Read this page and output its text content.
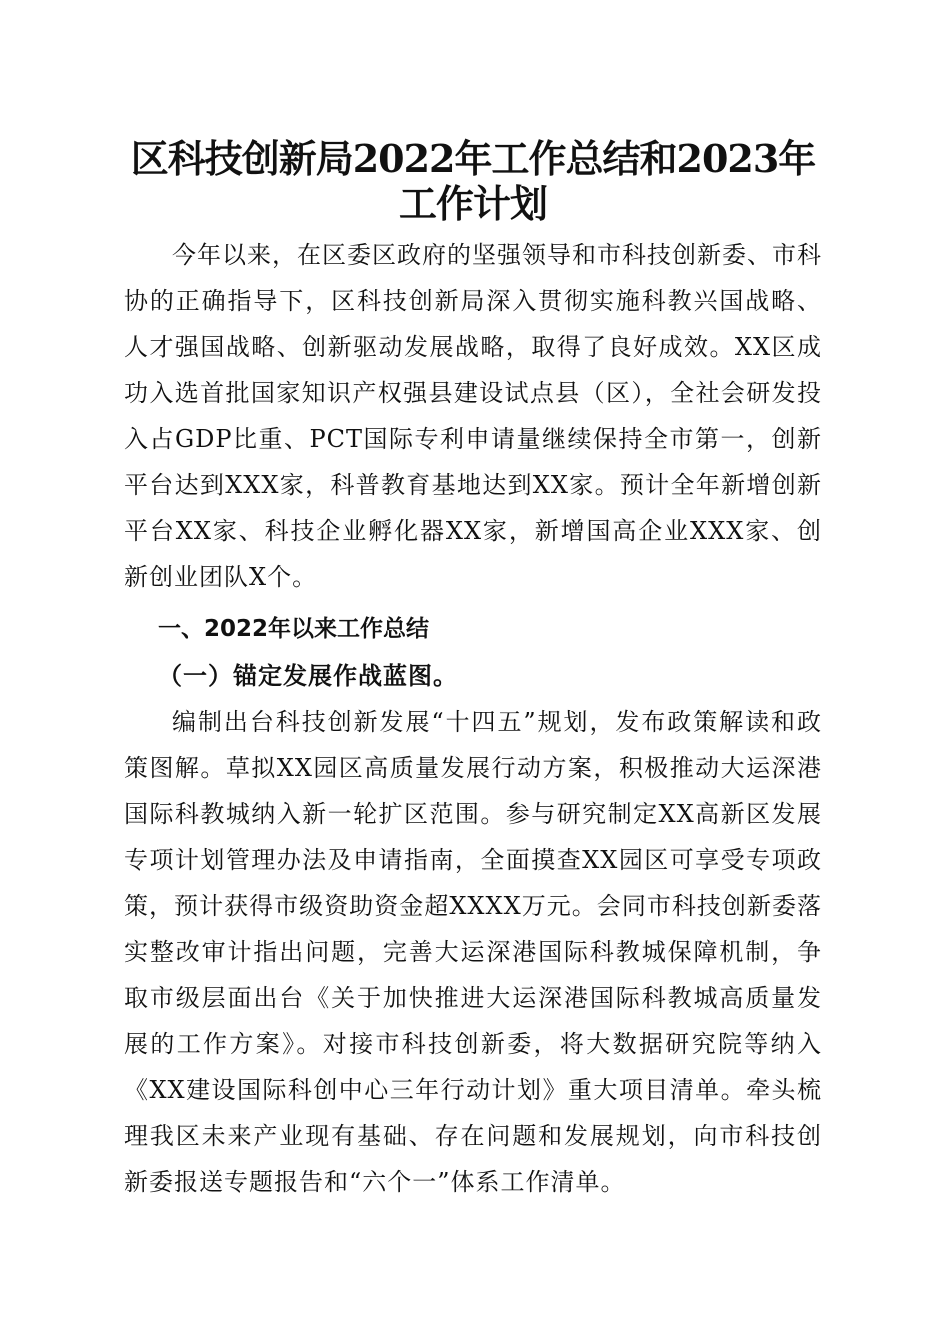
区科技创新局2022年工作总结和2023年工作计划

今年以来，在区委区政府的坚强领导和市科技创新委、市科协的正确指导下，区科技创新局深入贯彻实施科教兴国战略、人才强国战略、创新驱动发展战略，取得了良好成效。XX区成功入选首批国家知识产权强县建设试点县（区），全社会研发投入占GDP比重、PCT国际专利申请量继续保持全市第一，创新平台达到XXX家，科普教育基地达到XX家。预计全年新增创新平台XX家、科技企业孵化器XX家，新增国高企业XXX家、创新创业团队X个。

一、2022年以来工作总结
（一）锚定发展作战蓝图。

编制出台科技创新发展“十四五”规划，发布政策解读和政策图解。草拟XX园区高质量发展行动方案，积极推动大运深港国际科教城纳入新一轮扩区范围。参与研究制定XX高新区发展专项计划管理办法及申请指南，全面摸查XX园区可享受专项政策，预计获得市级资助资金超XXXX万元。会同市科技创新委落实整改审计指出问题，完善大运深港国际科教城保障机制，争取市级层面出台《关于加快推进大运深港国际科教城高质量发展的工作方案》。对接市科技创新委，将大数据研究院等纳入《XX建设国际科创中心三年行动计划》重大项目清单。牵头梳理我区未来产业现有基础、存在问题和发展规划，向市科技创新委报送专题报告和“六个一”体系工作清单。
